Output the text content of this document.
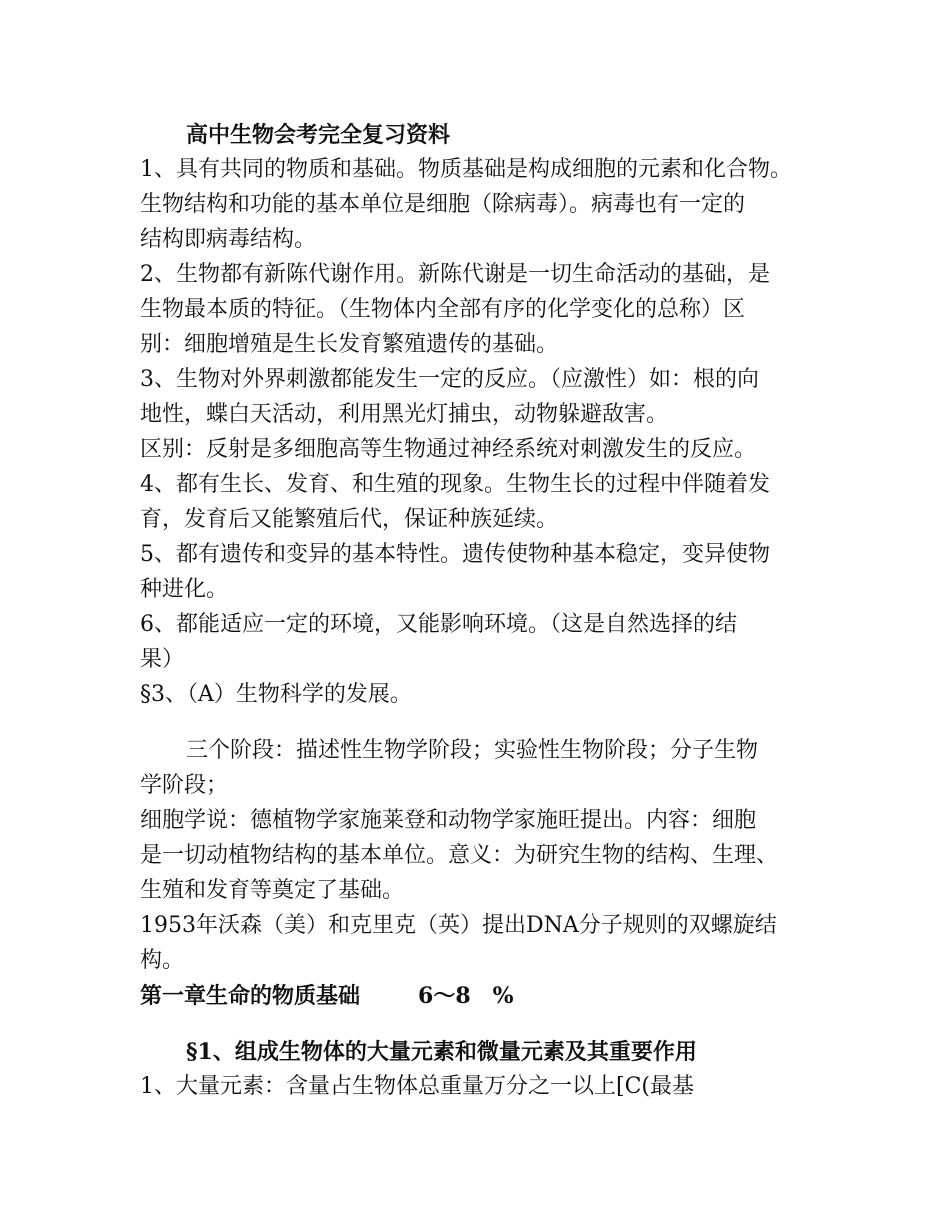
高中生物会考完全复习资料
1、具有共同的物质和基础。物质基础是构成细胞的元素和化合物。
生物结构和功能的基本单位是细胞（除病毒）。病毒也有一定的
结构即病毒结构。
2、生物都有新陈代谢作用。新陈代谢是一切生命活动的基础，是
生物最本质的特征。（生物体内全部有序的化学变化的总称）区
别：细胞增殖是生长发育繁殖遗传的基础。
3、生物对外界刺激都能发生一定的反应。（应激性）如：根的向
地性，蝶白天活动，利用黑光灯捕虫，动物躲避敌害。
区别：反射是多细胞高等生物通过神经系统对刺激发生的反应。
4、都有生长、发育、和生殖的现象。生物生长的过程中伴随着发
育，发育后又能繁殖后代，保证种族延续。
5、都有遗传和变异的基本特性。遗传使物种基本稳定，变异使物
种进化。
6、都能适应一定的环境，又能影响环境。（这是自然选择的结
果）
§3、（A）生物科学的发展。
三个阶段：描述性生物学阶段；实验性生物阶段；分子生物
学阶段；
细胞学说：德植物学家施莱登和动物学家施旺提出。内容：细胞
是一切动植物结构的基本单位。意义：为研究生物的结构、生理、
生殖和发育等奠定了基础。
1953年沃森（美）和克里克（英）提出DNA分子规则的双螺旋结
构。
第一章生命的物质基础	6～8　%
§1、组成生物体的大量元素和微量元素及其重要作用
1、大量元素：含量占生物体总重量万分之一以上[C(最基
